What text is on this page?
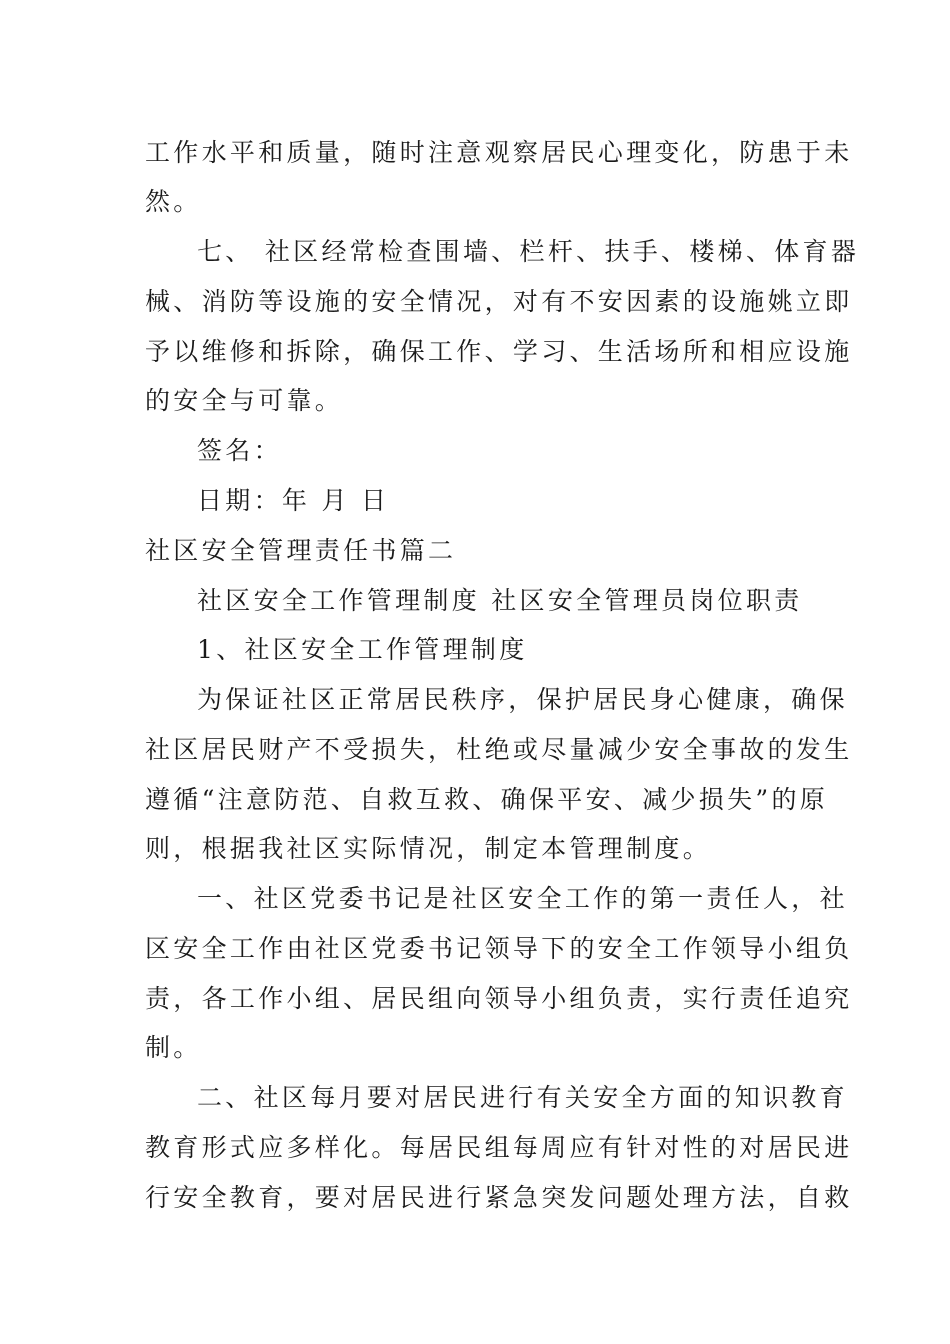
工作水平和质量，随时注意观察居民心理变化，防患于未
然。
七、 社区经常检查围墙、栏杆、扶手、楼梯、体育器
械、消防等设施的安全情况，对有不安因素的设施姚立即
予以维修和拆除，确保工作、学习、生活场所和相应设施
的安全与可靠。
签名：
日期：年 月 日
社区安全管理责任书篇二
社区安全工作管理制度 社区安全管理员岗位职责
1、社区安全工作管理制度
为保证社区正常居民秩序，保护居民身心健康，确保
社区居民财产不受损失，杜绝或尽量减少安全事故的发生
遵循“注意防范、自救互救、确保平安、减少损失”的原
则，根据我社区实际情况，制定本管理制度。
一、社区党委书记是社区安全工作的第一责任人，社
区安全工作由社区党委书记领导下的安全工作领导小组负
责，各工作小组、居民组向领导小组负责，实行责任追究
制。
二、社区每月要对居民进行有关安全方面的知识教育
教育形式应多样化。每居民组每周应有针对性的对居民进
行安全教育，要对居民进行紧急突发问题处理方法，自救
